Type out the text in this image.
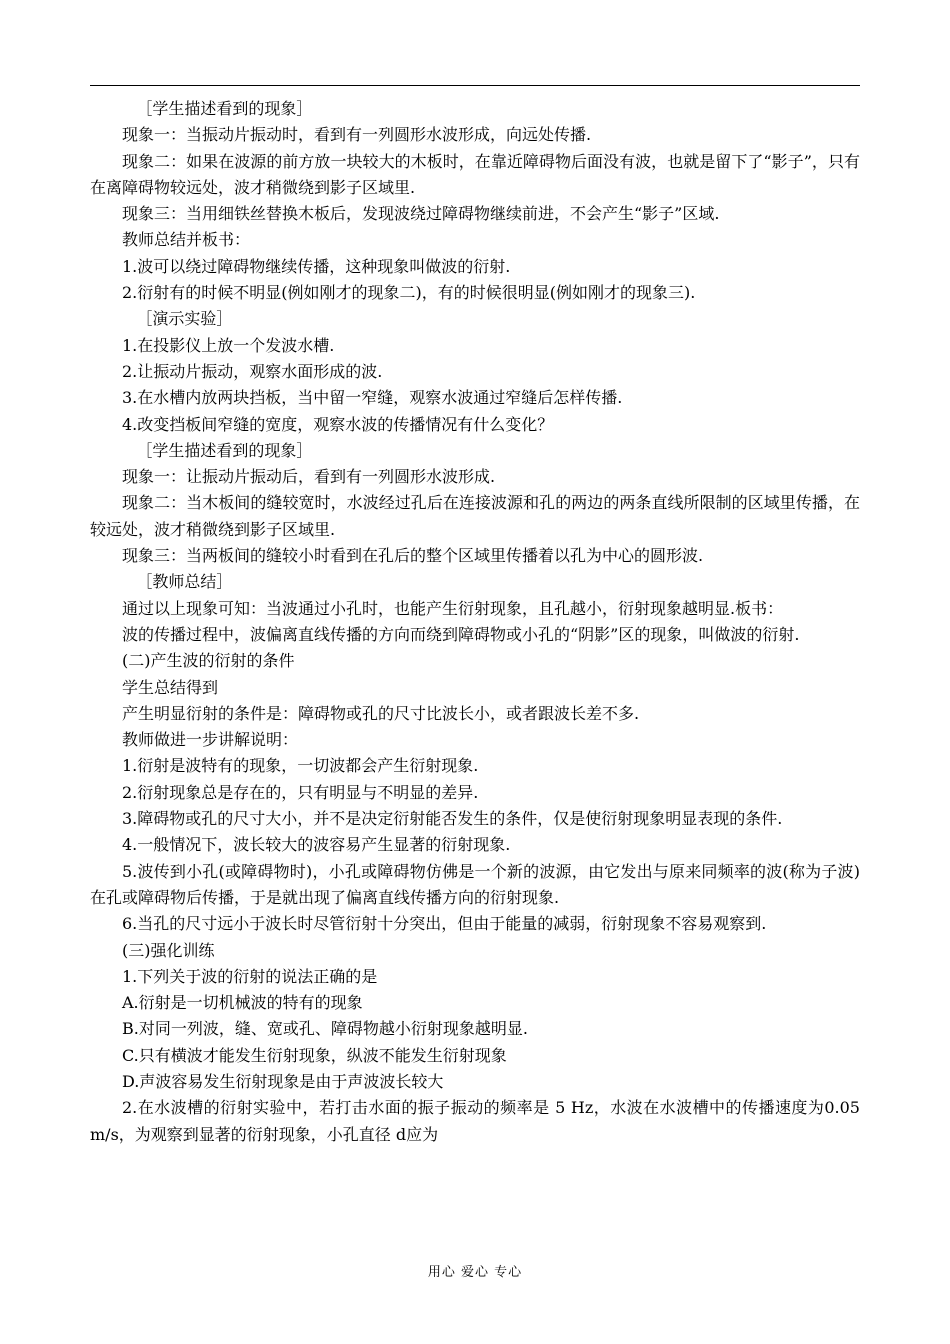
［学生描述看到的现象］

现象一：当振动片振动时，看到有一列圆形水波形成，向远处传播.

现象二：如果在波源的前方放一块较大的木板时，在靠近障碍物后面没有波，也就是留下了“影子”，只有在离障碍物较远处，波才稍微绕到影子区域里.

现象三：当用细铁丝替换木板后，发现波绕过障碍物继续前进，不会产生“影子”区域.

教师总结并板书：

1.波可以绕过障碍物继续传播，这种现象叫做波的衍射.

2.衍射有的时候不明显(例如刚才的现象二)，有的时候很明显(例如刚才的现象三).

［演示实验］

1.在投影仪上放一个发波水槽.

2.让振动片振动，观察水面形成的波.

3.在水槽内放两块挡板，当中留一窄缝，观察水波通过窄缝后怎样传播.

4.改变挡板间窄缝的宽度，观察水波的传播情况有什么变化？

［学生描述看到的现象］

现象一：让振动片振动后，看到有一列圆形水波形成.

现象二：当木板间的缝较宽时，水波经过孔后在连接波源和孔的两边的两条直线所限制的区域里传播，在较远处，波才稍微绕到影子区域里.

现象三：当两板间的缝较小时看到在孔后的整个区域里传播着以孔为中心的圆形波.

［教师总结］

通过以上现象可知：当波通过小孔时，也能产生衍射现象，且孔越小，衍射现象越明显.板书：

波的传播过程中，波偏离直线传播的方向而绕到障碍物或小孔的“阴影”区的现象，叫做波的衍射.

(二)产生波的衍射的条件

学生总结得到

产生明显衍射的条件是：障碍物或孔的尺寸比波长小，或者跟波长差不多.

教师做进一步讲解说明：

1.衍射是波特有的现象，一切波都会产生衍射现象.

2.衍射现象总是存在的，只有明显与不明显的差异.

3.障碍物或孔的尺寸大小，并不是决定衍射能否发生的条件，仅是使衍射现象明显表现的条件.

4.一般情况下，波长较大的波容易产生显著的衍射现象.

5.波传到小孔(或障碍物时)，小孔或障碍物仿佛是一个新的波源，由它发出与原来同频率的波(称为子波)在孔或障碍物后传播，于是就出现了偏离直线传播方向的衍射现象.

6.当孔的尺寸远小于波长时尽管衍射十分突出，但由于能量的减弱，衍射现象不容易观察到.

(三)强化训练

1.下列关于波的衍射的说法正确的是

A.衍射是一切机械波的特有的现象

B.对同一列波，缝、宽或孔、障碍物越小衍射现象越明显.

C.只有横波才能发生衍射现象，纵波不能发生衍射现象

D.声波容易发生衍射现象是由于声波波长较大

2.在水波槽的衍射实验中，若打击水面的振子振动的频率是 5 Hz，水波在水波槽中的传播速度为0.05 m/s，为观察到显著的衍射现象，小孔直径 d应为

用心 爱心 专心
